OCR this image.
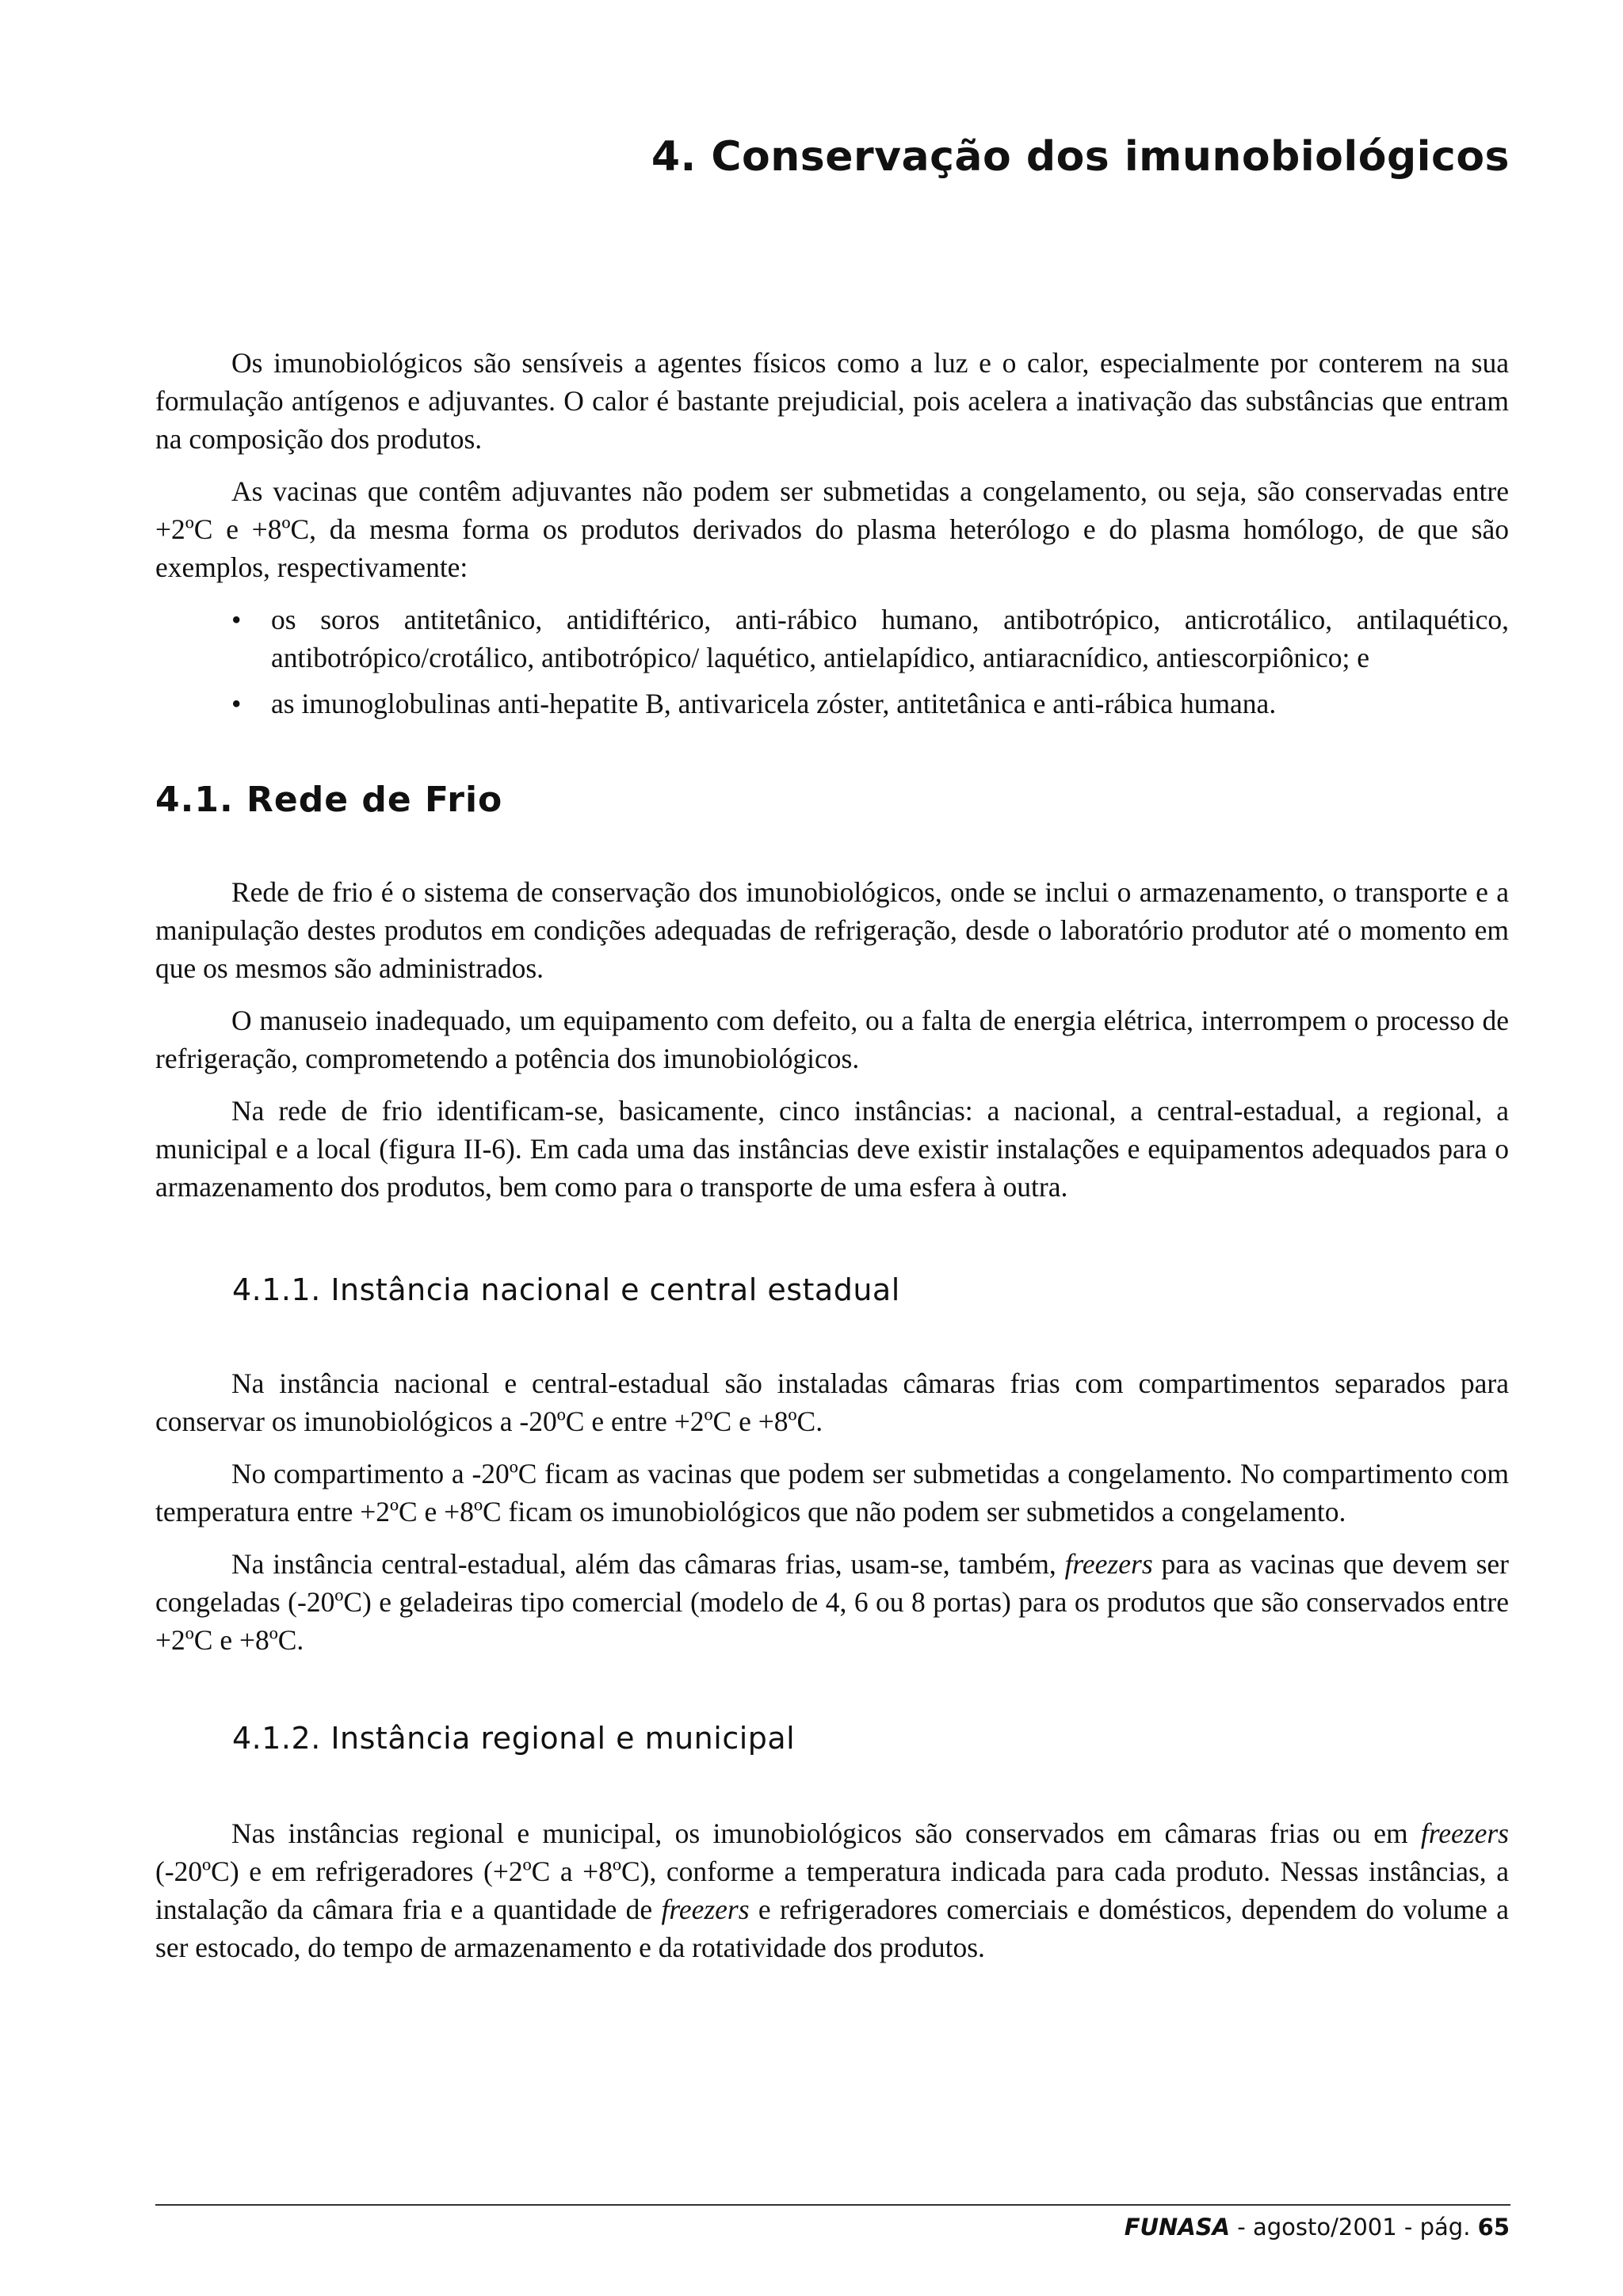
4. Conservação dos imunobiológicos

Os imunobiológicos são sensíveis a agentes físicos como a luz e o calor, especialmente por conterem na sua formulação antígenos e adjuvantes. O calor é bastante prejudicial, pois acelera a inativação das substâncias que entram na composição dos produtos.

As vacinas que contêm adjuvantes não podem ser submetidas a congelamento, ou seja, são conservadas entre +2ºC e +8ºC, da mesma forma os produtos derivados do plasma heterólogo e do plasma homólogo, de que são exemplos, respectivamente:

• os soros antitetânico, antidiftérico, anti-rábico humano, antibotrópico, anticrotálico, antilaquético, antibotrópico/crotálico, antibotrópico/ laquético, antielapídico, antiaracnídico, antiescorpiônico; e
• as imunoglobulinas anti-hepatite B, antivaricela zóster, antitetânica e anti-rábica humana.
4.1. Rede de Frio

Rede de frio é o sistema de conservação dos imunobiológicos, onde se inclui o armazenamento, o transporte e a manipulação destes produtos em condições adequadas de refrigeração, desde o laboratório produtor até o momento em que os mesmos são administrados.

O manuseio inadequado, um equipamento com defeito, ou a falta de energia elétrica, interrompem o processo de refrigeração, comprometendo a potência dos imunobiológicos.

Na rede de frio identificam-se, basicamente, cinco instâncias: a nacional, a central-estadual, a regional, a municipal e a local (figura II-6). Em cada uma das instâncias deve existir instalações e equipamentos adequados para o armazenamento dos produtos, bem como para o transporte de uma esfera à outra.

4.1.1. Instância nacional e central estadual

Na instância nacional e central-estadual são instaladas câmaras frias com compartimentos separados para conservar os imunobiológicos a -20ºC e entre +2ºC e +8ºC.

No compartimento a -20ºC ficam as vacinas que podem ser submetidas a congelamento. No compartimento com temperatura entre +2ºC e +8ºC ficam os imunobiológicos que não podem ser submetidos a congelamento.

Na instância central-estadual, além das câmaras frias, usam-se, também, freezers para as vacinas que devem ser congeladas (-20ºC) e geladeiras tipo comercial (modelo de 4, 6 ou 8 portas) para os produtos que são conservados entre +2ºC e +8ºC.

4.1.2. Instância regional e municipal

Nas instâncias regional e municipal, os imunobiológicos são conservados em câmaras frias ou em freezers (-20ºC) e em refrigeradores (+2ºC a +8ºC), conforme a temperatura indicada para cada produto. Nessas instâncias, a instalação da câmara fria e a quantidade de freezers e refrigeradores comerciais e domésticos, dependem do volume a ser estocado, do tempo de armazenamento e da rotatividade dos produtos.

FUNASA - agosto/2001 - pág. 65
